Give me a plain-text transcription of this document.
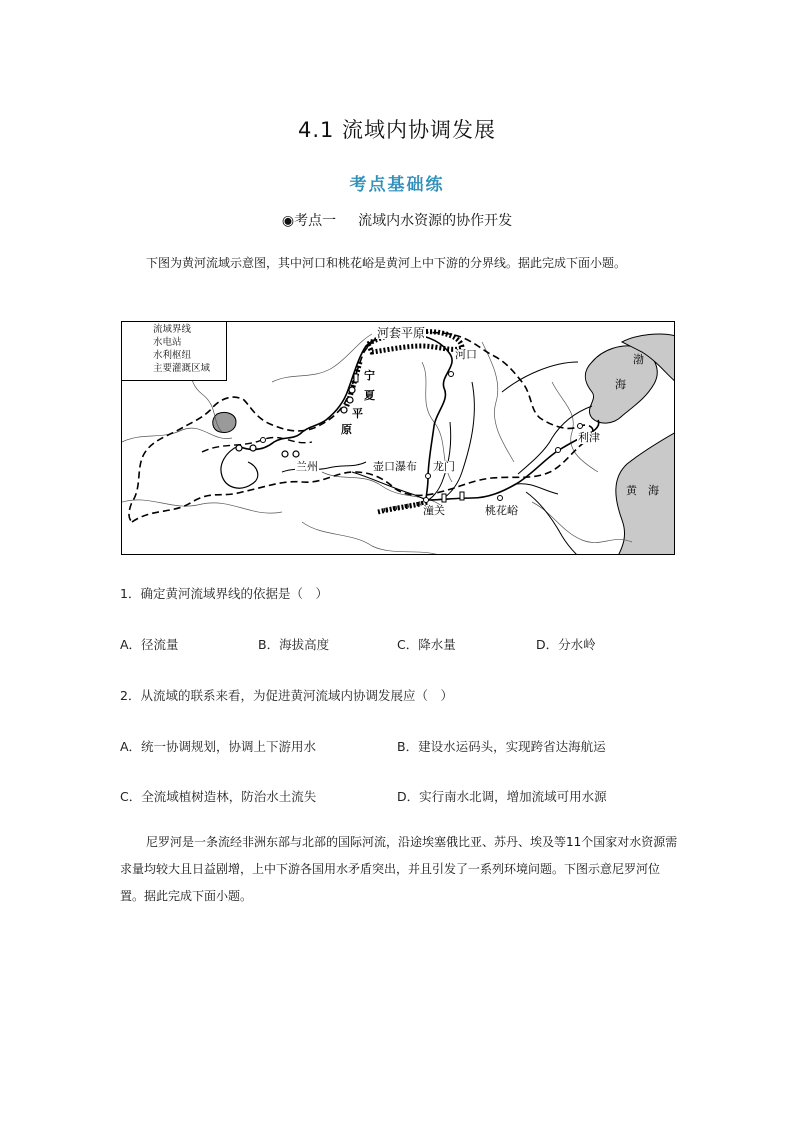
4.1 流域内协调发展
考点基础练
◉考点一 流域内水资源的协作开发
下图为黄河流域示意图，其中河口和桃花峪是黄河上中下游的分界线。据此完成下面小题。
流域界线
水电站
水利枢纽
主要灌溉区域
河套平原
河口	渤
海
宁
夏
平
原
利津
兰州	壶口瀑布 龙门
黄　海
潼关	桃花峪
1．确定黄河流域界线的依据是（　）
A．径流量	B．海拔高度	C．降水量	D．分水岭
2．从流域的联系来看，为促进黄河流域内协调发展应（　）
A．统一协调规划，协调上下游用水	B．建设水运码头，实现跨省达海航运
C．全流域植树造林，防治水土流失	D．实行南水北调，增加流域可用水源
尼罗河是一条流经非洲东部与北部的国际河流，沿途埃塞俄比亚、苏丹、埃及等11个国家对水资源需求量均较大且日益剧增，上中下游各国用水矛盾突出，并且引发了一系列环境问题。下图示意尼罗河位置。据此完成下面小题。
